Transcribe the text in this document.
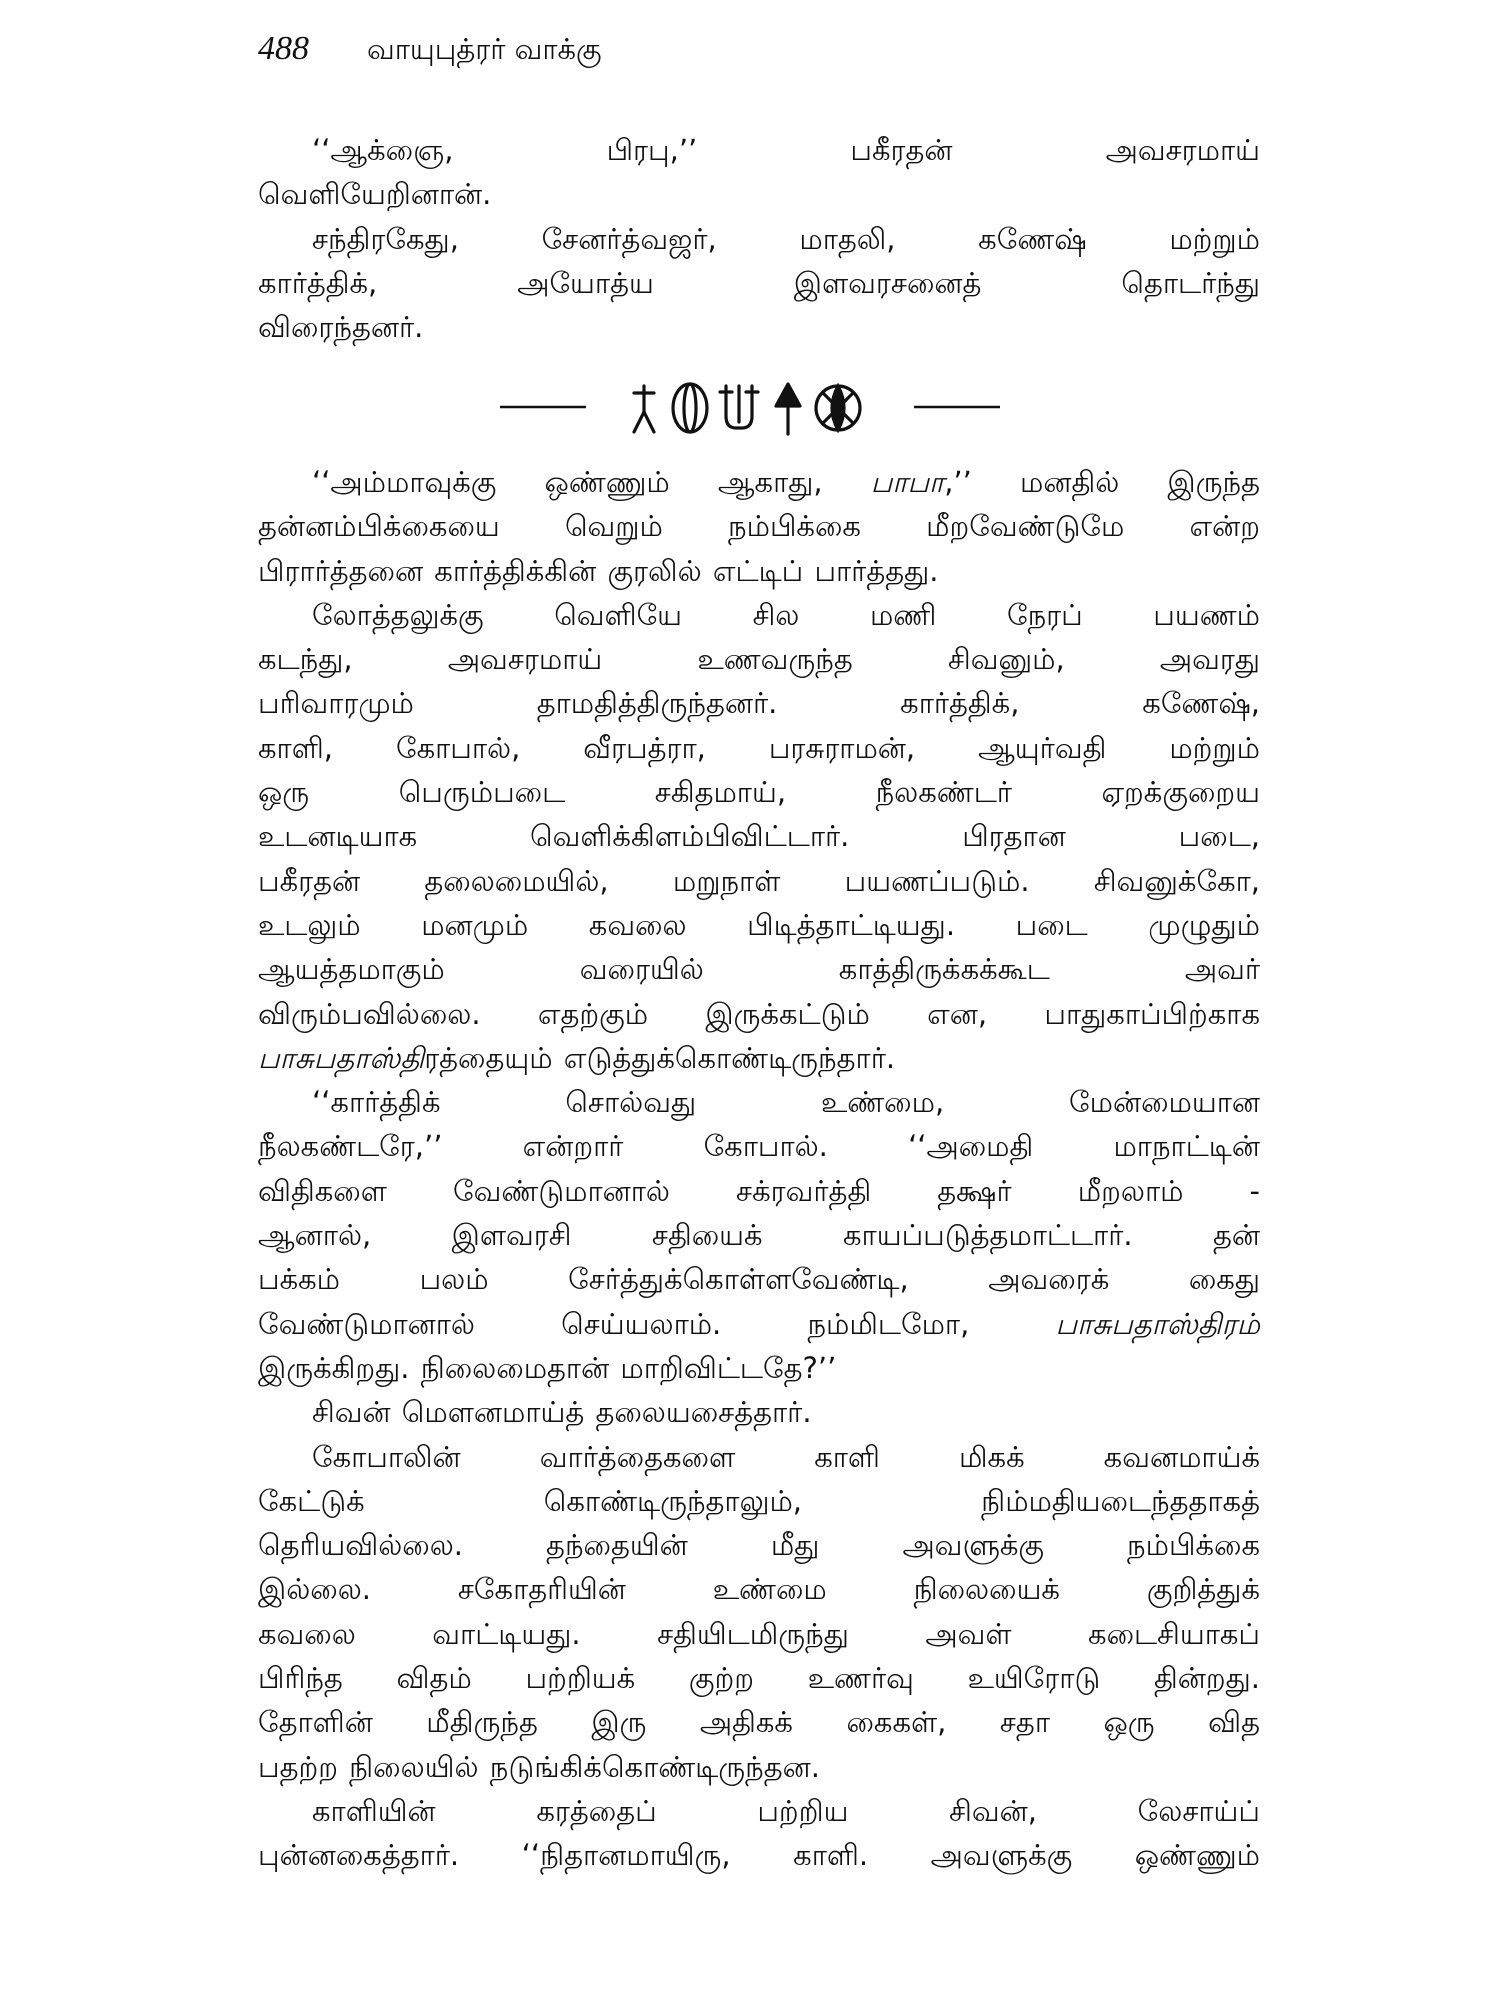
488 வாயுபுத்ரர் வாக்கு

‘‘ஆக்ஞை, பிரபு,’’ பகீரதன் அவசரமாய்
வெளியேறினான்.

சந்திரகேது, சேனர்த்வஜர், மாதலி, கணேஷ் மற்றும்
கார்த்திக், அயோத்ய இளவரசனைத் தொடர்ந்து
விரைந்தனர்.

‘‘அம்மாவுக்கு ஒண்ணும் ஆகாது, பாபா,’’ மனதில் இருந்த
தன்னம்பிக்கையை வெறும் நம்பிக்கை மீறவேண்டுமே என்ற
பிரார்த்தனை கார்த்திக்கின் குரலில் எட்டிப் பார்த்தது.

லோத்தலுக்கு வெளியே சில மணி நேரப் பயணம்
கடந்து, அவசரமாய் உணவருந்த சிவனும், அவரது
பரிவாரமும் தாமதித்திருந்தனர். கார்த்திக், கணேஷ்,
காளி, கோபால், வீரபத்ரா, பரசுராமன், ஆயுர்வதி மற்றும்
ஒரு பெரும்படை சகிதமாய், நீலகண்டர் ஏறக்குறைய
உடனடியாக வெளிக்கிளம்பிவிட்டார். பிரதான படை,
பகீரதன் தலைமையில், மறுநாள் பயணப்படும். சிவனுக்கோ,
உடலும் மனமும் கவலை பிடித்தாட்டியது. படை முழுதும்
ஆயத்தமாகும் வரையில் காத்திருக்கக்கூட அவர்
விரும்பவில்லை. எதற்கும் இருக்கட்டும் என, பாதுகாப்பிற்காக
பாசுபதாஸ்திரத்தையும் எடுத்துக்கொண்டிருந்தார்.

‘‘கார்த்திக் சொல்வது உண்மை, மேன்மையான
நீலகண்டரே,’’ என்றார் கோபால். ‘‘அமைதி மாநாட்டின்
விதிகளை வேண்டுமானால் சக்ரவர்த்தி தக்ஷர் மீறலாம் -
ஆனால், இளவரசி சதியைக் காயப்படுத்தமாட்டார். தன்
பக்கம் பலம் சேர்த்துக்கொள்ளவேண்டி, அவரைக் கைது
வேண்டுமானால் செய்யலாம். நம்மிடமோ, பாசுபதாஸ்திரம்
இருக்கிறது. நிலைமைதான் மாறிவிட்டதே?’’

சிவன் மௌனமாய்த் தலையசைத்தார்.

கோபாலின் வார்த்தைகளை காளி மிகக் கவனமாய்க்
கேட்டுக் கொண்டிருந்தாலும், நிம்மதியடைந்ததாகத்
தெரியவில்லை. தந்தையின் மீது அவளுக்கு நம்பிக்கை
இல்லை. சகோதரியின் உண்மை நிலையைக் குறித்துக்
கவலை வாட்டியது. சதியிடமிருந்து அவள் கடைசியாகப்
பிரிந்த விதம் பற்றியக் குற்ற உணர்வு உயிரோடு தின்றது.
தோளின் மீதிருந்த இரு அதிகக் கைகள், சதா ஒரு வித
பதற்ற நிலையில் நடுங்கிக்கொண்டிருந்தன.

காளியின் கரத்தைப் பற்றிய சிவன், லேசாய்ப்
புன்னகைத்தார். ‘‘நிதானமாயிரு, காளி. அவளுக்கு ஒண்ணும்
